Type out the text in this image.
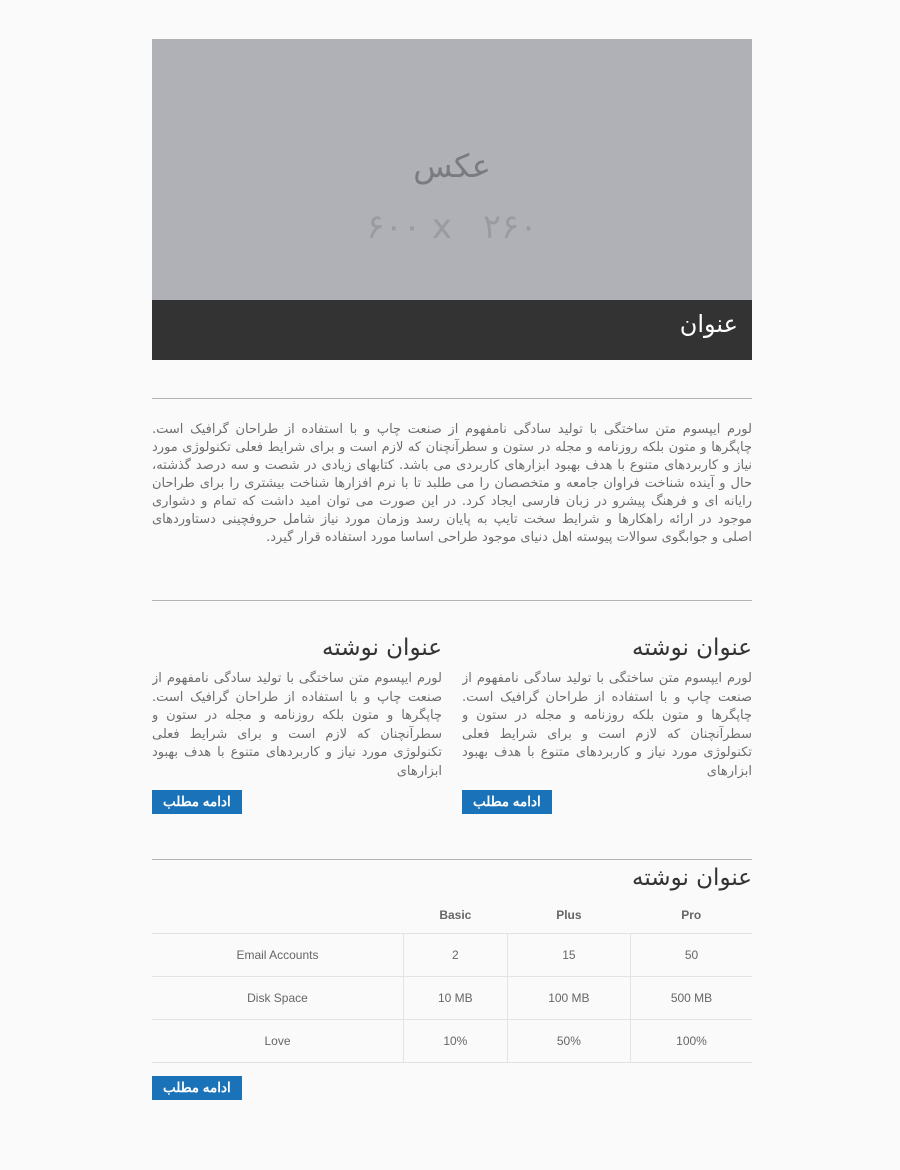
عکس
۶۰۰ x ۲۶۰
عنوان

لورم ایپسوم متن ساختگی با تولید سادگی نامفهوم از صنعت چاپ و با استفاده از طراحان گرافیک است. چاپگرها و متون بلکه روزنامه و مجله در ستون و سطرآنچنان که لازم است و برای شرایط فعلی تکنولوژی مورد نیاز و کاربردهای متنوع با هدف بهبود ابزارهای کاربردی می باشد. کتابهای زیادی در شصت و سه درصد گذشته، حال و آینده شناخت فراوان جامعه و متخصصان را می طلبد تا با نرم افزارها شناخت بیشتری را برای طراحان رایانه ای و فرهنگ پیشرو در زبان فارسی ایجاد کرد. در این صورت می توان امید داشت که تمام و دشواری موجود در ارائه راهکارها و شرایط سخت تایپ به پایان رسد وزمان مورد نیاز شامل حروفچینی دستاوردهای اصلی و جوابگوی سوالات پیوسته اهل دنیای موجود طراحی اساسا مورد استفاده قرار گیرد.

عنوان نوشته

لورم ایپسوم متن ساختگی با تولید سادگی نامفهوم از صنعت چاپ و با استفاده از طراحان گرافیک است. چاپگرها و متون بلکه روزنامه و مجله در ستون و سطرآنچنان که لازم است و برای شرایط فعلی تکنولوژی مورد نیاز و کاربردهای متنوع با هدف بهبود ابزارهای

ادامه مطلب
عنوان نوشته

لورم ایپسوم متن ساختگی با تولید سادگی نامفهوم از صنعت چاپ و با استفاده از طراحان گرافیک است. چاپگرها و متون بلکه روزنامه و مجله در ستون و سطرآنچنان که لازم است و برای شرایط فعلی تکنولوژی مورد نیاز و کاربردهای متنوع با هدف بهبود ابزارهای

ادامه مطلب
عنوان نوشته
	Basic	Plus	Pro
Email Accounts	2	15	50
Disk Space	10 MB	100 MB	500 MB
Love	10%	50%	100%
ادامه مطلب
